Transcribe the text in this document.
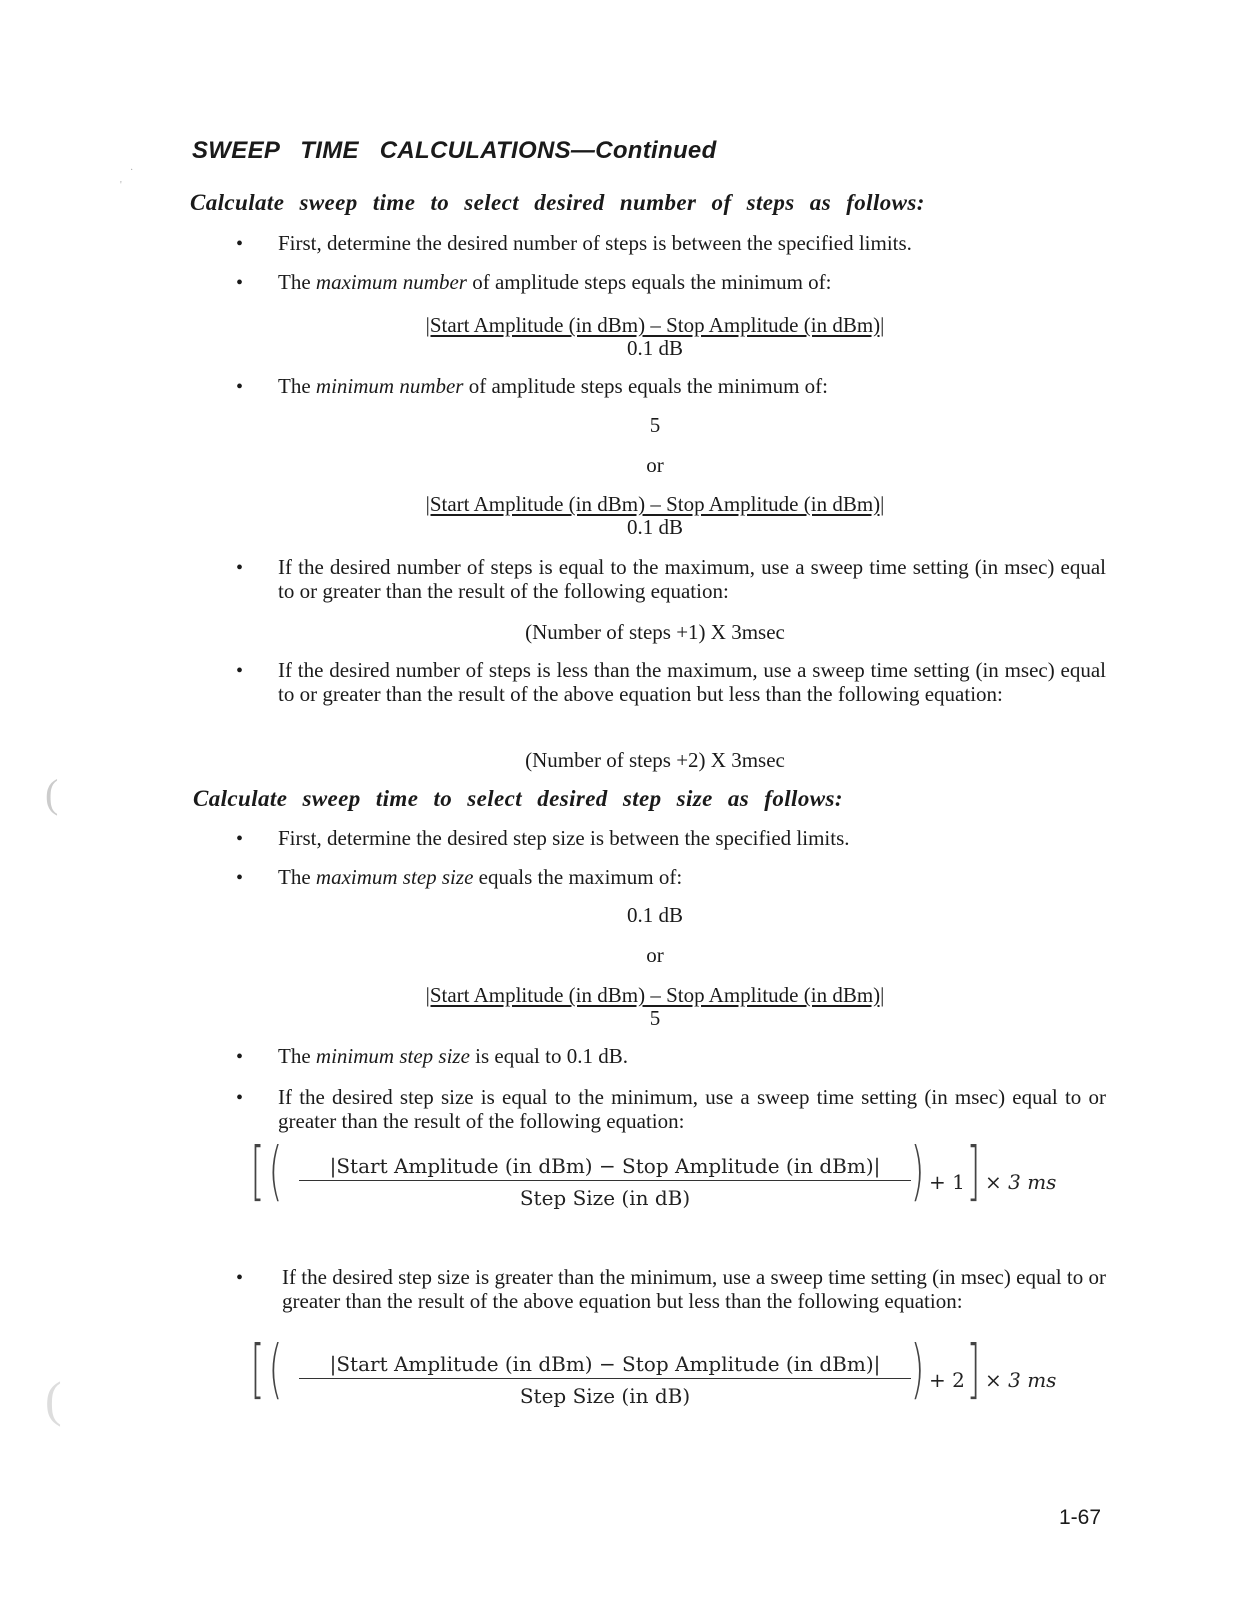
·
'
(
(
SWEEP TIME CALCULATIONS—Continued
Calculate sweep time to select desired number of steps as follows:
• First, determine the desired number of steps is between the specified limits.
• The maximum number of amplitude steps equals the minimum of:
|Start Amplitude (in dBm) – Stop Amplitude (in dBm)|
0.1 dB
• The minimum number of amplitude steps equals the minimum of:
5
or
|Start Amplitude (in dBm) – Stop Amplitude (in dBm)|
0.1 dB
• If the desired number of steps is equal to the maximum, use a sweep time setting (in msec) equal to or greater than the result of the following equation:
(Number of steps +1) X 3msec
• If the desired number of steps is less than the maximum, use a sweep time setting (in msec) equal to or greater than the result of the above equation but less than the following equation:
(Number of steps +2) X 3msec
Calculate sweep time to select desired step size as follows:
• First, determine the desired step size is between the specified limits.
• The maximum step size equals the maximum of:
0.1 dB
or
|Start Amplitude (in dBm) – Stop Amplitude (in dBm)|
5
• The minimum step size is equal to 0.1 dB.
• If the desired step size is equal to the minimum, use a sweep time setting (in msec) equal to or greater than the result of the following equation:
[ (	|Start Amplitude (in dBm) − Stop Amplitude (in dBm)|
Step Size (in dB)	) + 1 ] × 3 ms
• If the desired step size is greater than the minimum, use a sweep time setting (in msec) equal to or greater than the result of the above equation but less than the following equation:
[ (	|Start Amplitude (in dBm) − Stop Amplitude (in dBm)|
Step Size (in dB)	) + 2 ] × 3 ms
1-67
